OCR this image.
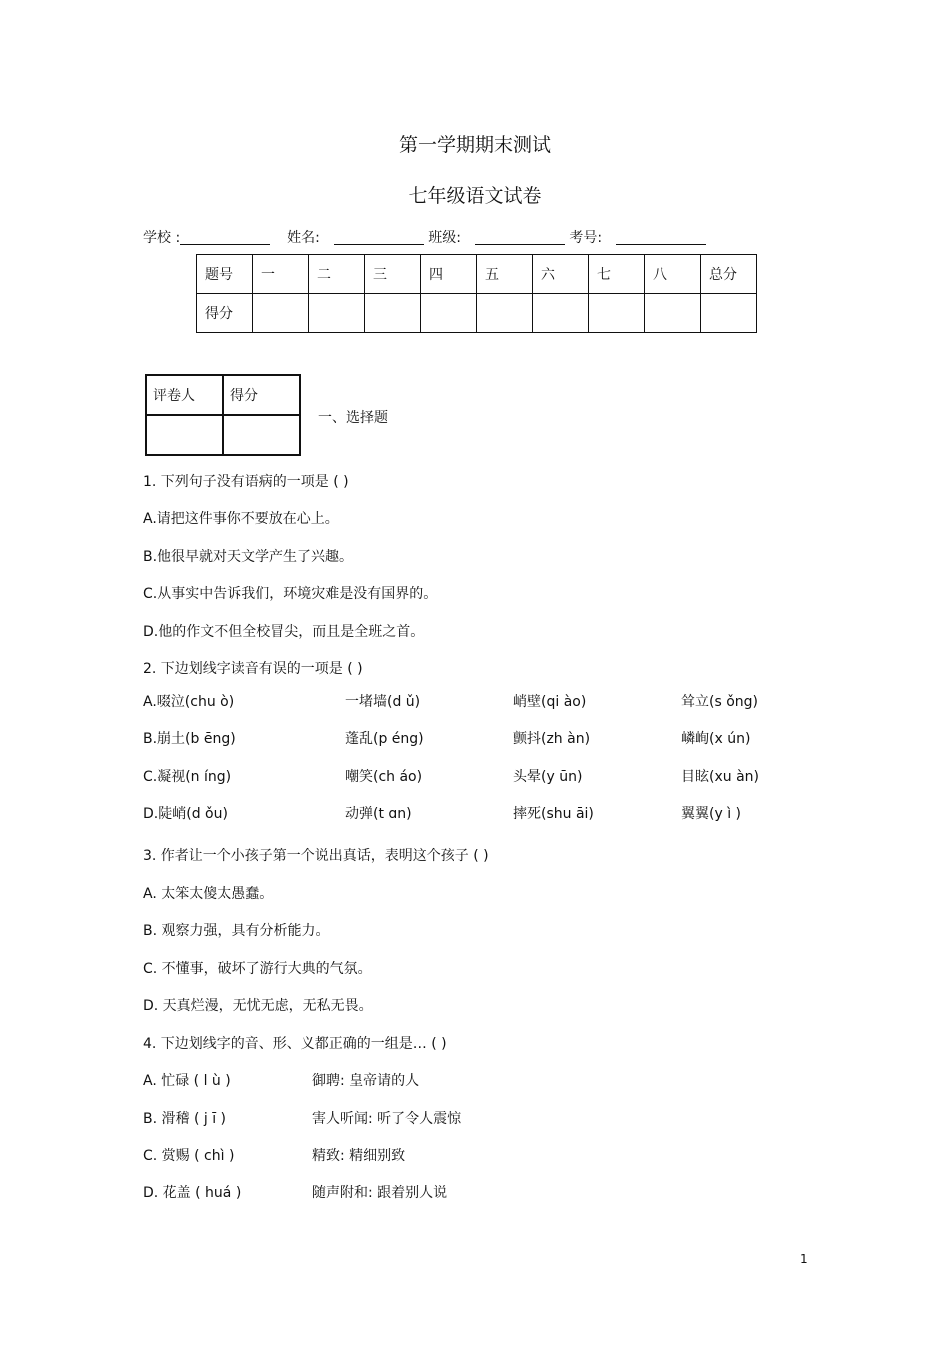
第一学期期末测试
七年级语文试卷
学校 :	姓名:	班级:	考号:
题号	一	二	三	四	五	六	七	八	总分
得分									
评卷人	得分

一、选择题
1. 下列句子没有语病的一项是 ( )
A.请把这件事你不要放在心上。
B.他很早就对天文学产生了兴趣。
C.从事实中告诉我们，环境灾难是没有国界的。
D.他的作文不但全校冒尖，而且是全班之首。
2. 下边划线字读音有误的一项是 ( )
A.啜泣(chu ò)	一堵墙(d ǔ)	峭壁(qi ào)	耸立(s ǒng)
B.崩土(b ēng)	蓬乱(p éng)	颤抖(zh àn)	嶙峋(x ún)
C.凝视(n íng)	嘲笑(ch áo)	头晕(y ūn)	目眩(xu àn)
D.陡峭(d ǒu)	动弹(t ɑn)	摔死(shu āi)	翼翼(y ì )
3. 作者让一个小孩子第一个说出真话，表明这个孩子 ( )
A. 太笨太傻太愚蠢。
B. 观察力强，具有分析能力。
C. 不懂事，破坏了游行大典的气氛。
D. 天真烂漫，无忧无虑，无私无畏。
4. 下边划线字的音、形、义都正确的一组是… ( )
A. 忙碌 ( l ù )	御聘: 皇帝请的人
B. 滑稽 ( j ī )	害人听闻: 听了令人震惊
C. 赏赐 ( chì )	精致: 精细别致
D. 花盖 ( huá )	随声附和: 跟着别人说
1
